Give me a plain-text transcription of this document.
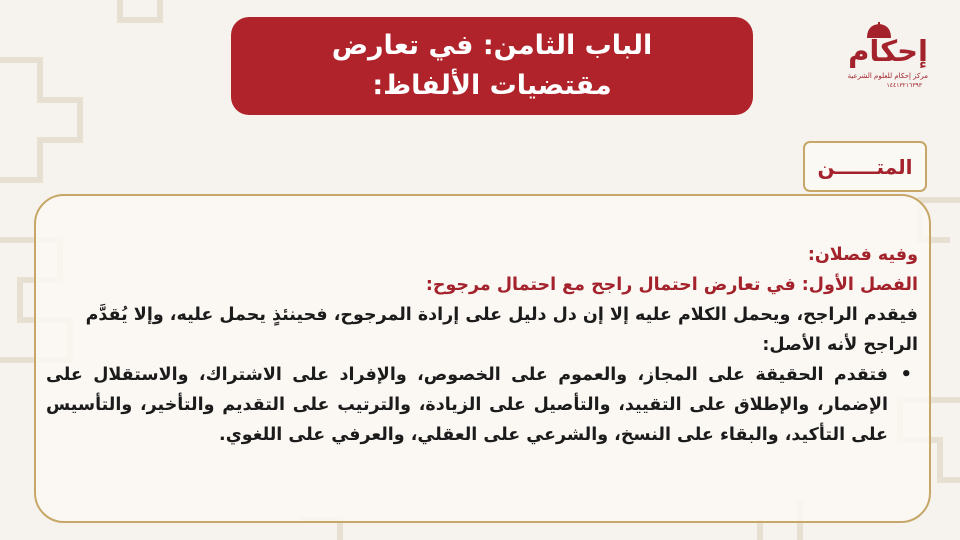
الباب الثامن: في تعارض
مقتضيات الألفاظ:
إحكام
مركز إحكام للعلوم الشرعية
١٤٤١٣٢١٦٣٩٣
المتــــــن

وفيه فصلان:

الفصل الأول: في تعارض احتمال راجح مع احتمال مرجوح:

فيقدم الراجح، ويحمل الكلام عليه إلا إن دل دليل على إرادة المرجوح، فحينئذٍ يحمل عليه، وإلا يُقدَّم الراجح لأنه الأصل:

• فتقدم الحقيقة على المجاز، والعموم على الخصوص، والإفراد على الاشتراك، والاستقلال على الإضمار، والإطلاق على التقييد، والتأصيل على الزيادة، والترتيب على التقديم والتأخير، والتأسيس على التأكيد، والبقاء على النسخ، والشرعي على العقلي، والعرفي على اللغوي.
